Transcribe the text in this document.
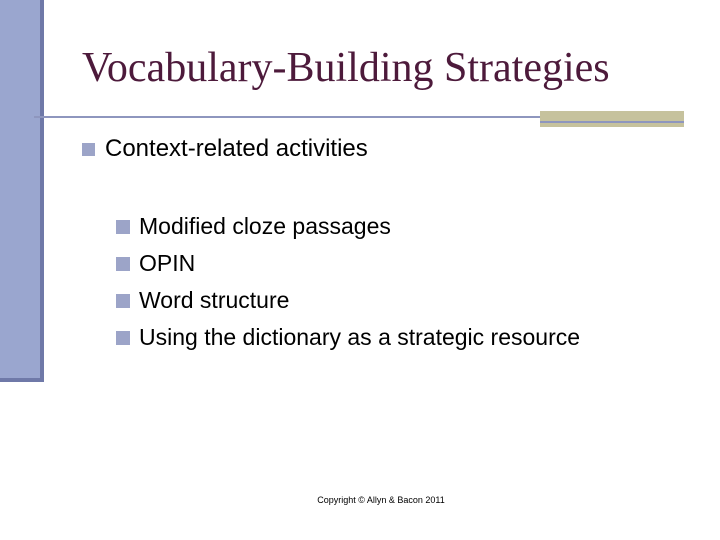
Vocabulary-Building Strategies
Context-related activities
Modified cloze passages
OPIN
Word structure
Using the dictionary as a strategic resource
Copyright © Allyn & Bacon 2011
